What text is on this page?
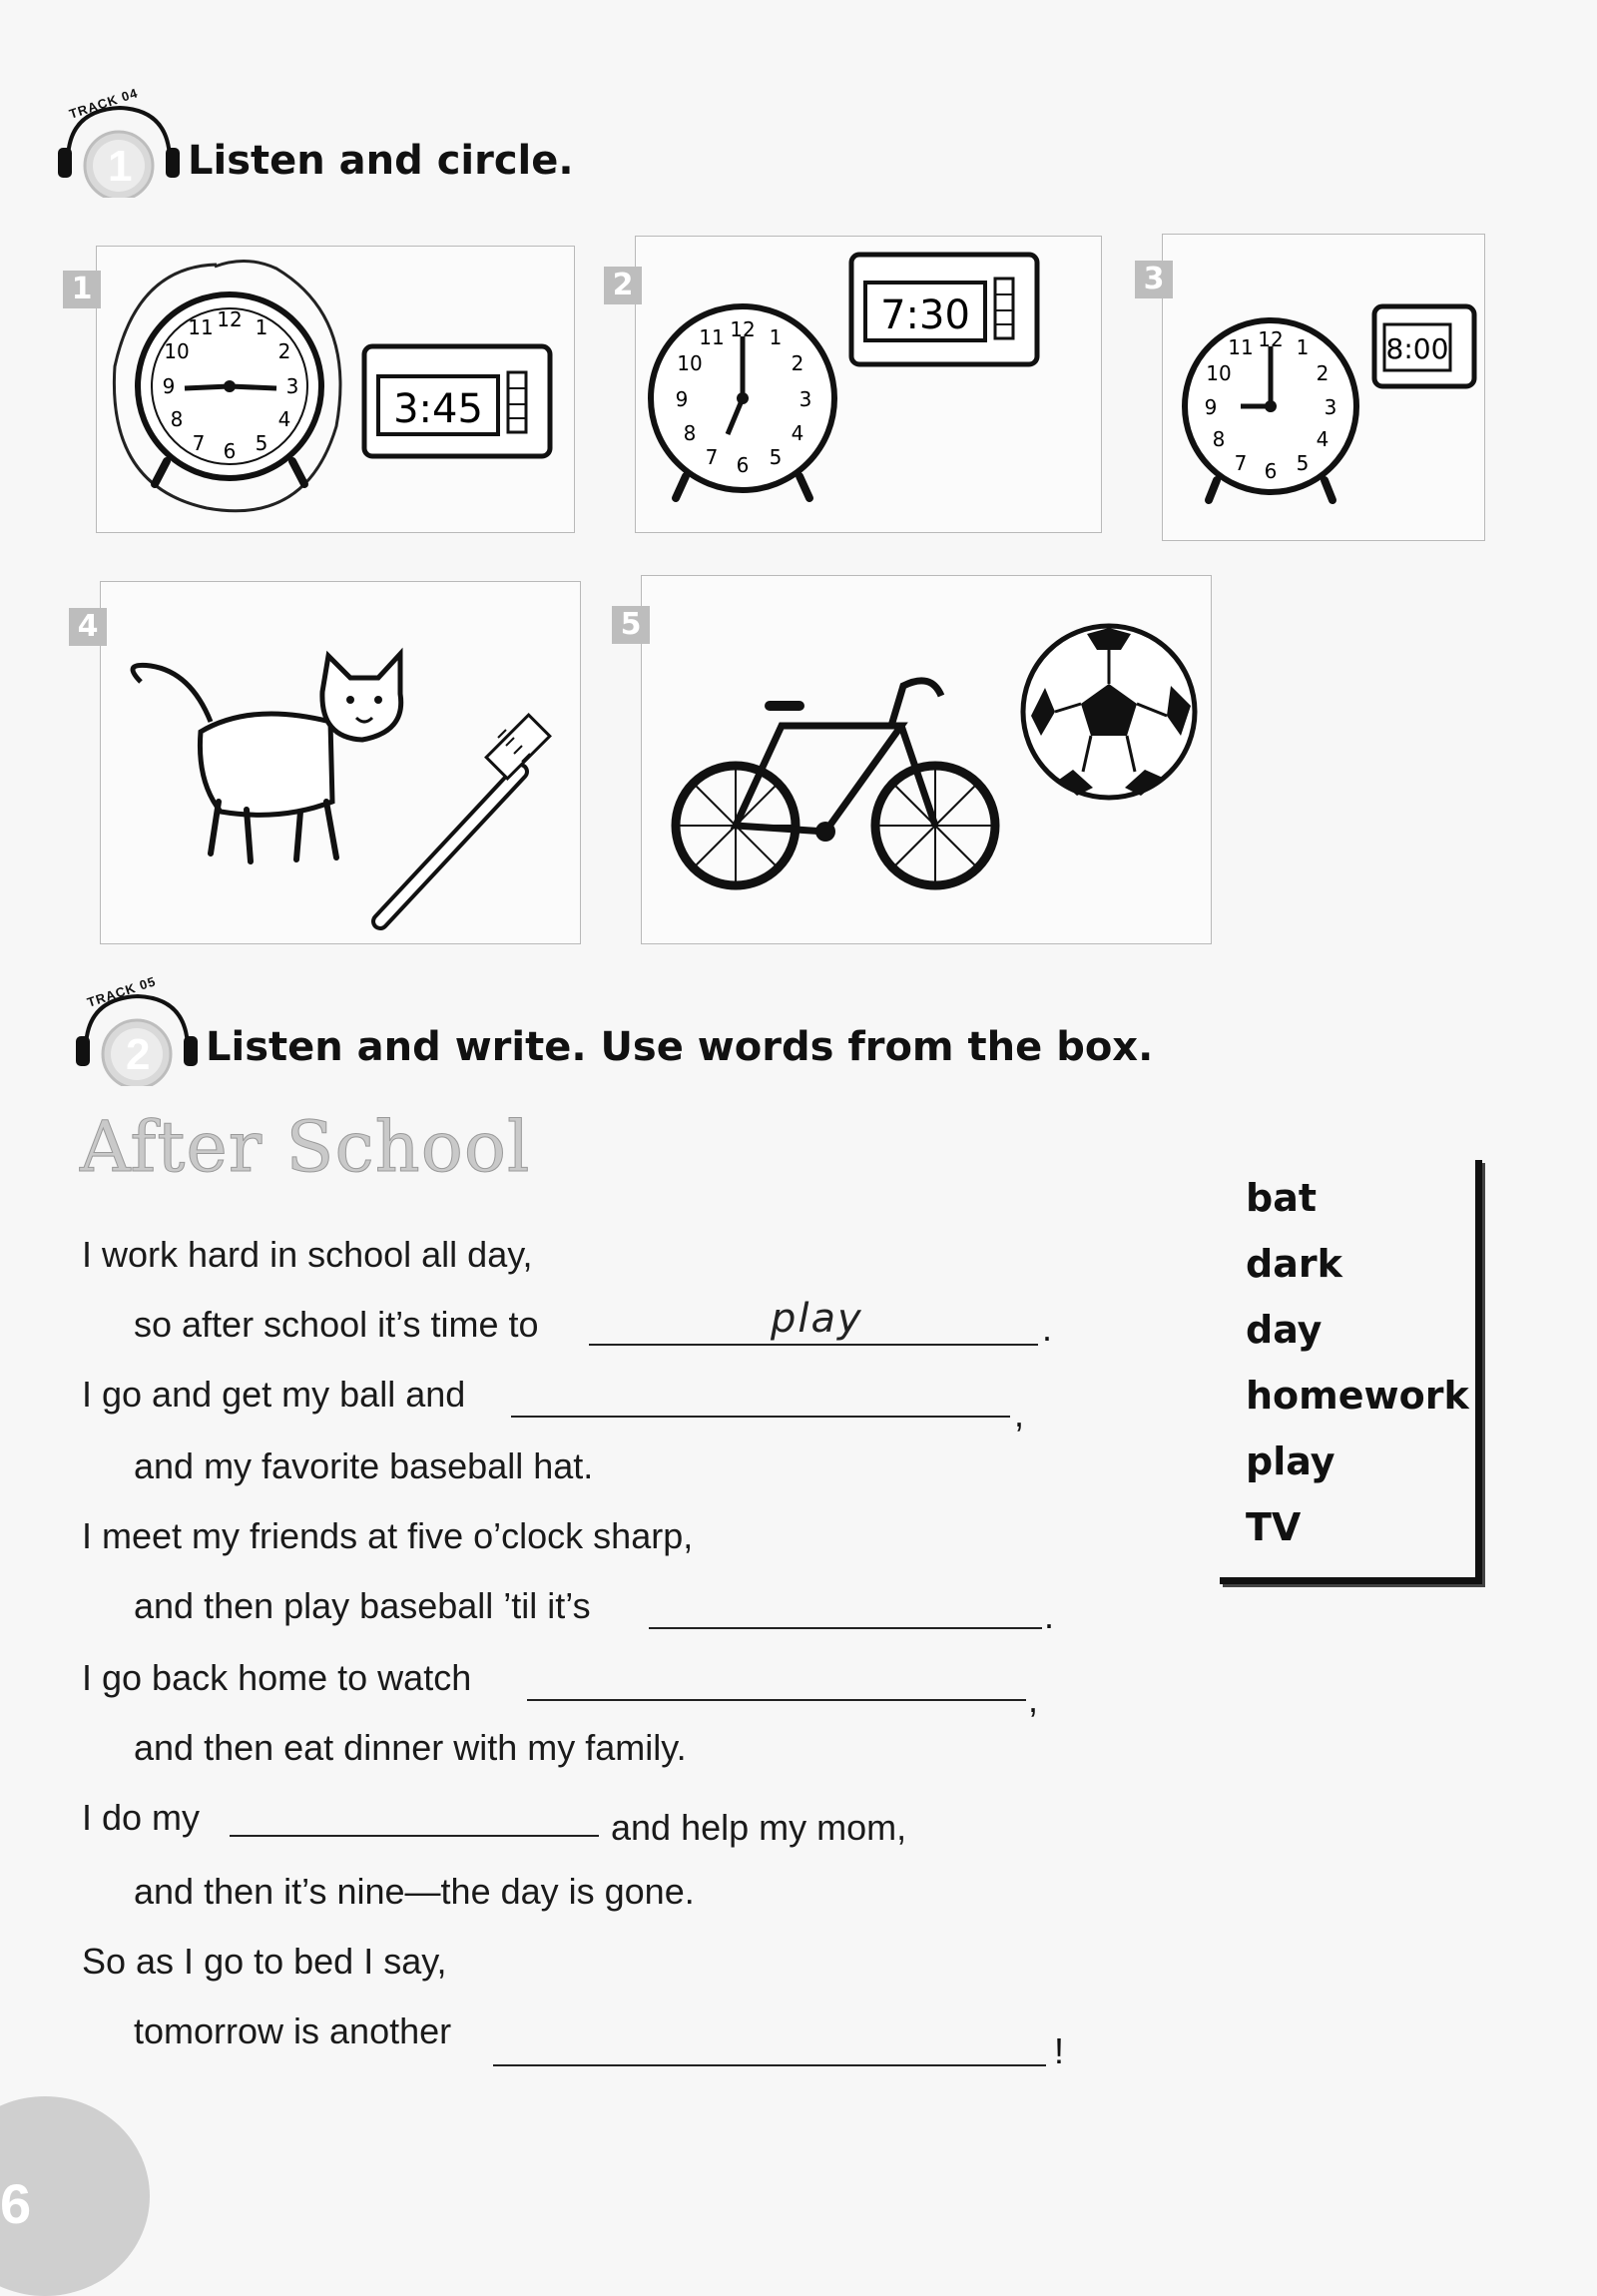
TRACK 04
1 Listen and circle.
1
12 1
2
3
4
5
6
7
8
9
10
11
3:45
2
12 1
2
3
4
5
6
7
8
9
10
11	7:30
3
12 1
2
3
4
5
6
7
8
9
10
11	8:00
4	5
TRACK 05
2 Listen and write. Use words from the box.
After School
I work hard in school all day,
so after school it’s time to	play	.
I go and get my ball and	,
and my favorite baseball hat.
I meet my friends at five o’clock sharp,
and then play baseball ’til it’s	.
I go back home to watch
,
and then eat dinner with my family.
I do my	and help my mom,
and then it’s nine—the day is gone.
So as I go to bed I say,
tomorrow is another	!
bat
dark
day
homework
play
TV
6
